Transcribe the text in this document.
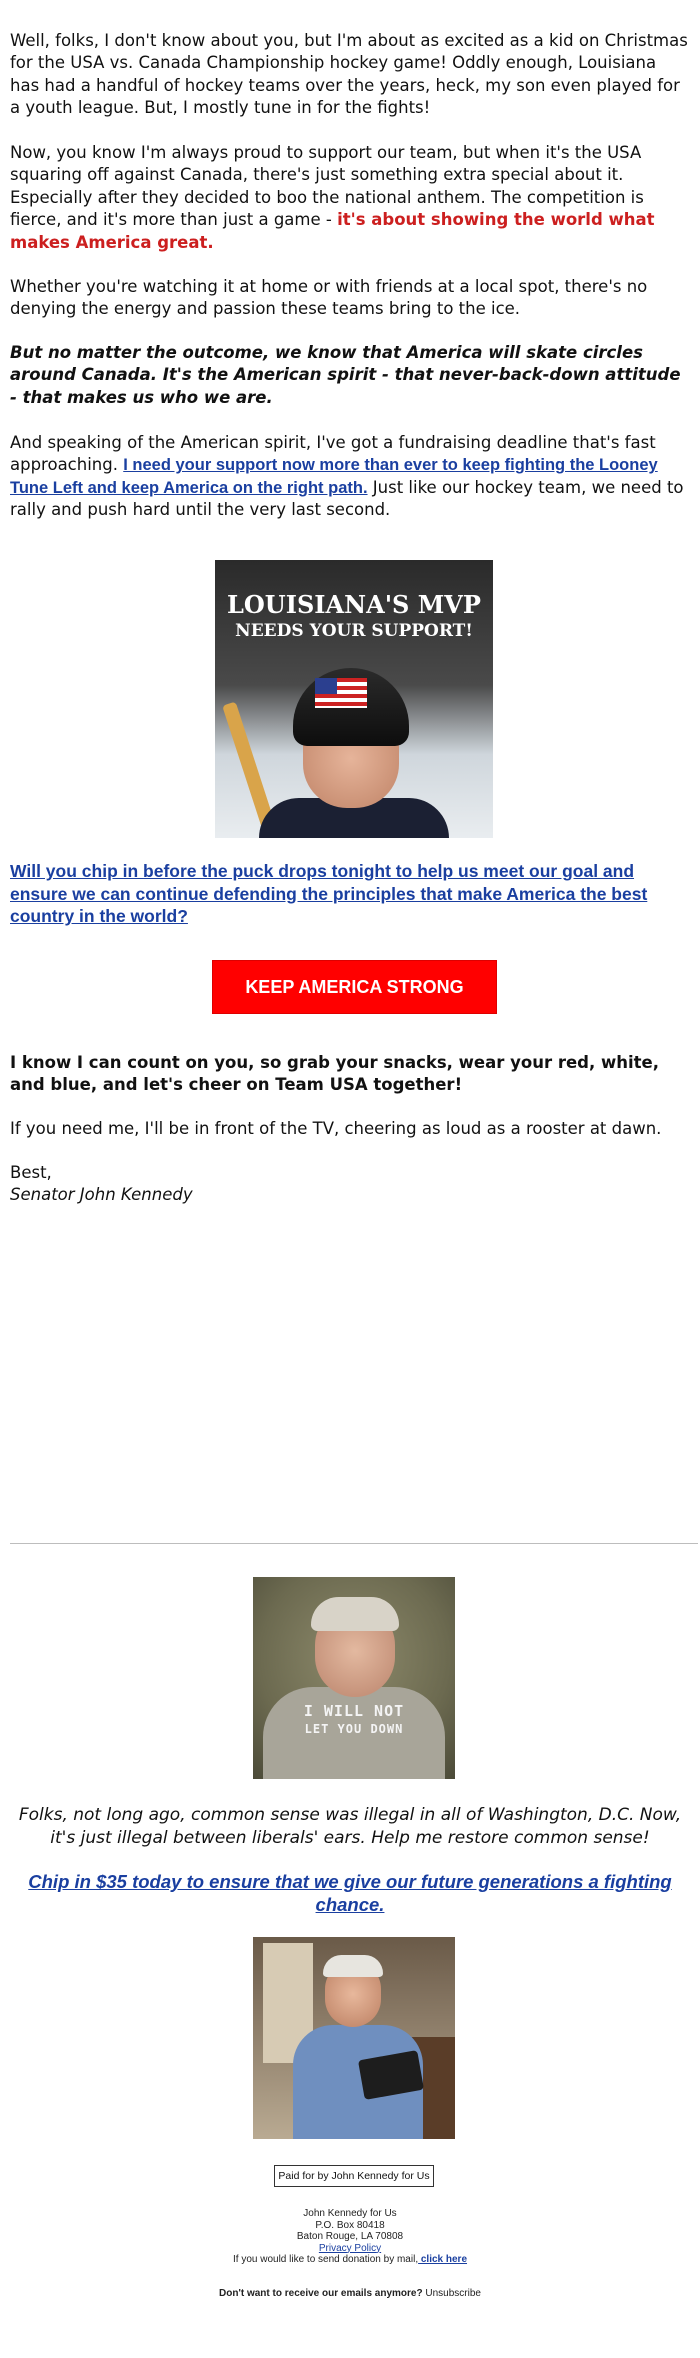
Well, folks, I don't know about you, but I'm about as excited as a kid on Christmas for the USA vs. Canada Championship hockey game! Oddly enough, Louisiana has had a handful of hockey teams over the years, heck, my son even played for a youth league. But, I mostly tune in for the fights!

Now, you know I'm always proud to support our team, but when it's the USA squaring off against Canada, there's just something extra special about it. Especially after they decided to boo the national anthem. The competition is fierce, and it's more than just a game - it's about showing the world what makes America great.

Whether you're watching it at home or with friends at a local spot, there's no denying the energy and passion these teams bring to the ice.

But no matter the outcome, we know that America will skate circles around Canada. It's the American spirit - that never-back-down attitude - that makes us who we are.

And speaking of the American spirit, I've got a fundraising deadline that's fast approaching. I need your support now more than ever to keep fighting the Looney Tune Left and keep America on the right path. Just like our hockey team, we need to rally and push hard until the very last second.

LOUISIANA'S MVP
NEEDS YOUR SUPPORT!
Will you chip in before the puck drops tonight to help us meet our goal and ensure we can continue defending the principles that make America the best country in the world?
KEEP AMERICA STRONG

I know I can count on you, so grab your snacks, wear your red, white, and blue, and let's cheer on Team USA together!

If you need me, I'll be in front of the TV, cheering as loud as a rooster at dawn.

Best,

Senator John Kennedy

I WILL NOT
LET YOU DOWN
Folks, not long ago, common sense was illegal in all of Washington, D.C. Now, it's just illegal between liberals' ears. Help me restore common sense!
Chip in $35 today to ensure that we give our future generations a fighting chance.
Paid for by John Kennedy for Us
John Kennedy for Us
P.O. Box 80418
Baton Rouge, LA 70808
Privacy Policy
If you would like to send donation by mail, click here
Don't want to receive our emails anymore? Unsubscribe
